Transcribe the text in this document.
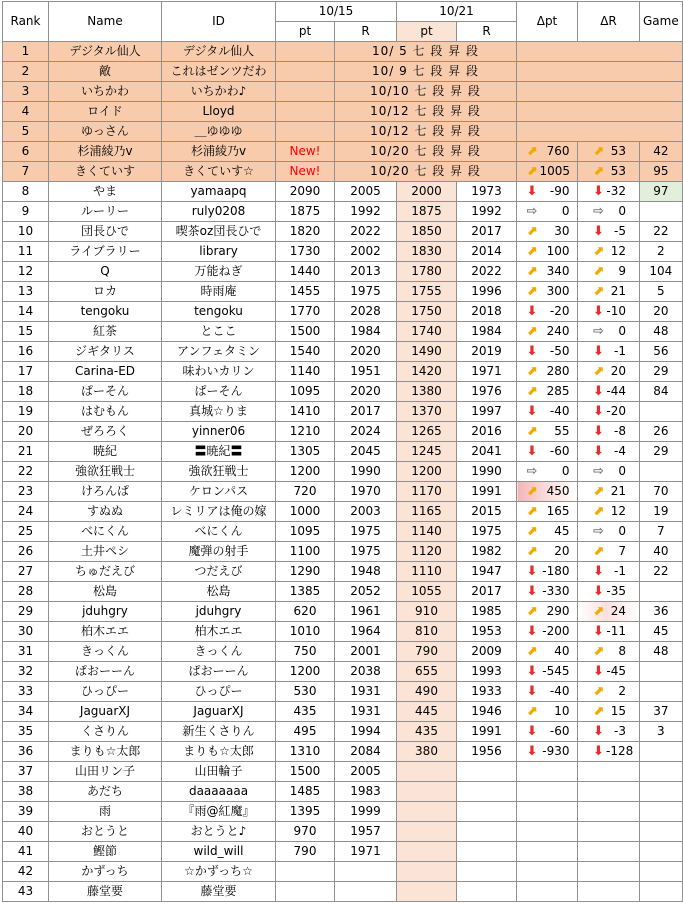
Rank	Name	ID	10/15		10/21		Δpt	ΔR	Game
			pt	R	pt	R			
1	デジタル仙人	デジタル仙人		10/ 5 七 段 昇 段					
2	敵	これはゼンツだわ		10/ 9 七 段 昇 段					
3	いちかわ	いちかわ♪		10/10 七 段 昇 段					
4	ロイド	Lloyd		10/12 七 段 昇 段					
5	ゆっさん	＿ゆゆゆ		10/12 七 段 昇 段					
6	杉浦綾乃v	杉浦綾乃v	New!	10/20 七 段 昇 段			⬈ 760	⬈ 53	42
7	きくていす	きくていす☆	New!	10/20 七 段 昇 段			⬈ 1005	⬈ 53	95
8	やま	yamaapq	2090	2005	2000	1973	⬇ -90	⬇ -32	97
9	ルーリー	ruly0208	1875	1992	1875	1992	⇨ 0	⇨ 0	
10	団長ひで	喫茶oz団長ひで	1820	2022	1850	2017	⬈ 30	⬇ -5	22
11	ライブラリー	library	1730	2002	1830	2014	⬈ 100	⬈ 12	2
12	Q	万能ねぎ	1440	2013	1780	2022	⬈ 340	⬈ 9	104
13	ロカ	時雨庵	1455	1975	1755	1996	⬈ 300	⬈ 21	5
14	tengoku	tengoku	1770	2028	1750	2018	⬇ -20	⬇ -10	20
15	紅茶	とここ	1500	1984	1740	1984	⬈ 240	⇨ 0	48
16	ジギタリス	アンフェタミン	1540	2020	1490	2019	⬇ -50	⬇ -1	56
17	Carina-ED	味わいカリン	1140	1951	1420	1971	⬈ 280	⬈ 20	29
18	ぱーそん	ぱーそん	1095	2020	1380	1976	⬈ 285	⬇ -44	84
19	はむもん	真城☆りま	1410	2017	1370	1997	⬇ -40	⬇ -20	
20	ぜろろく	yinner06	1210	2024	1265	2016	⬈ 55	⬇ -8	26
21	暁紀	〓暁紀〓	1305	2045	1245	2041	⬇ -60	⬇ -4	29
22	強欲狂戦士	強欲狂戦士	1200	1990	1200	1990	⇨ 0	⇨ 0	
23	けろんぱ	ケロンパス	720	1970	1170	1991	⬈ 450	⬈ 21	70
24	すぬぬ	レミリアは俺の嫁	1000	2003	1165	2015	⬈ 165	⬈ 12	19
25	べにくん	べにくん	1095	1975	1140	1975	⬈ 45	⇨ 0	7
26	土井ペシ	魔弾の射手	1100	1975	1120	1982	⬈ 20	⬈ 7	40
27	ちゅだえび	つだえび	1290	1948	1110	1947	⬇ -180	⬇ -1	22
28	松島	松島	1385	2052	1055	2017	⬇ -330	⬇ -35	
29	jduhgry	jduhgry	620	1961	910	1985	⬈ 290	⬈ 24	36
30	柏木エエ	柏木エエ	1010	1964	810	1953	⬇ -200	⬇ -11	45
31	きっくん	きっくん	750	2001	790	2009	⬈ 40	⬈ 8	48
32	ぱおーーん	ぱおーーん	1200	2038	655	1993	⬇ -545	⬇ -45	
33	ひっぴー	ひっぴー	530	1931	490	1933	⬇ -40	⬈ 2	
34	JaguarXJ	JaguarXJ	435	1931	445	1946	⬈ 10	⬈ 15	37
35	くさりん	新生くさりん	495	1994	435	1991	⬇ -60	⬇ -3	3
36	まりも☆太郎	まりも☆太郎	1310	2084	380	1956	⬇ -930	⬇ -128	
37	山田リン子	山田輪子	1500	2005					
38	あだち	daaaaaaa	1485	1983					
39	雨	『雨@紅魔』	1395	1999					
40	おとうと	おとうと♪	970	1957					
41	鰹節	wild_will	790	1971					
42	かずっち	☆かずっち☆							
43	藤堂要	藤堂要							
